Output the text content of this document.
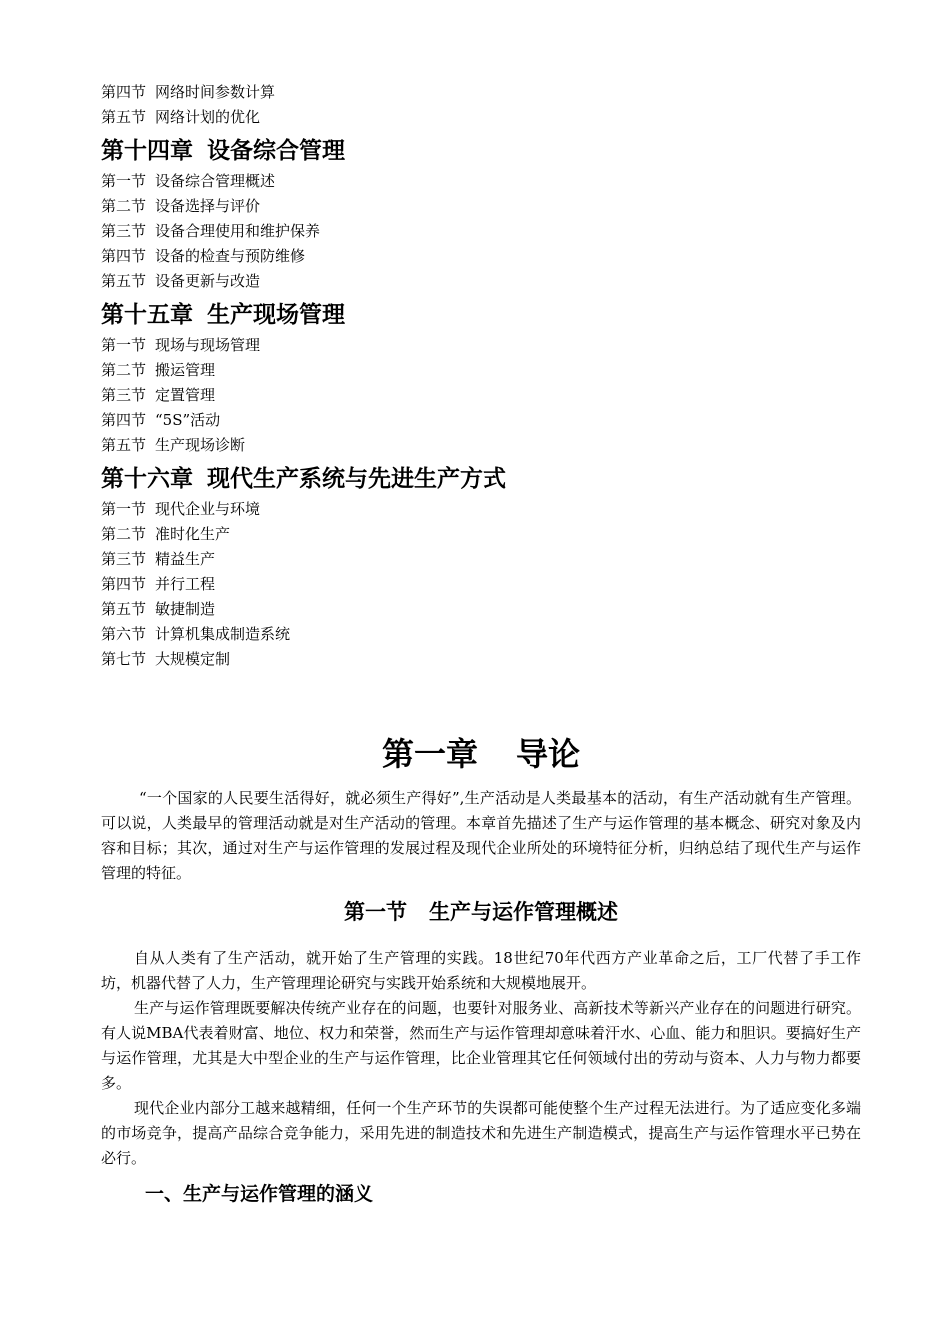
第四节 网络时间参数计算
第五节 网络计划的优化
第十四章 设备综合管理
第一节 设备综合管理概述
第二节 设备选择与评价
第三节 设备合理使用和维护保养
第四节 设备的检查与预防维修
第五节 设备更新与改造
第十五章 生产现场管理
第一节 现场与现场管理
第二节 搬运管理
第三节 定置管理
第四节 “5S”活动
第五节 生产现场诊断
第十六章 现代生产系统与先进生产方式
第一节 现代企业与环境
第二节 准时化生产
第三节 精益生产
第四节 并行工程
第五节 敏捷制造
第六节 计算机集成制造系统
第七节 大规模定制
第一章 导论

“一个国家的人民要生活得好，就必须生产得好”,生产活动是人类最基本的活动，有生产活动就有生产管理。可以说，人类最早的管理活动就是对生产活动的管理。本章首先描述了生产与运作管理的基本概念、研究对象及内容和目标；其次，通过对生产与运作管理的发展过程及现代企业所处的环境特征分析，归纳总结了现代生产与运作管理的特征。

第一节 生产与运作管理概述

自从人类有了生产活动，就开始了生产管理的实践。18世纪70年代西方产业革命之后，工厂代替了手工作坊，机器代替了人力，生产管理理论研究与实践开始系统和大规模地展开。

生产与运作管理既要解决传统产业存在的问题，也要针对服务业、高新技术等新兴产业存在的问题进行研究。有人说MBA代表着财富、地位、权力和荣誉，然而生产与运作管理却意味着汗水、心血、能力和胆识。要搞好生产与运作管理，尤其是大中型企业的生产与运作管理，比企业管理其它任何领域付出的劳动与资本、人力与物力都要多。

现代企业内部分工越来越精细，任何一个生产环节的失误都可能使整个生产过程无法进行。为了适应变化多端的市场竞争，提高产品综合竞争能力，采用先进的制造技术和先进生产制造模式，提高生产与运作管理水平已势在必行。

一、生产与运作管理的涵义
